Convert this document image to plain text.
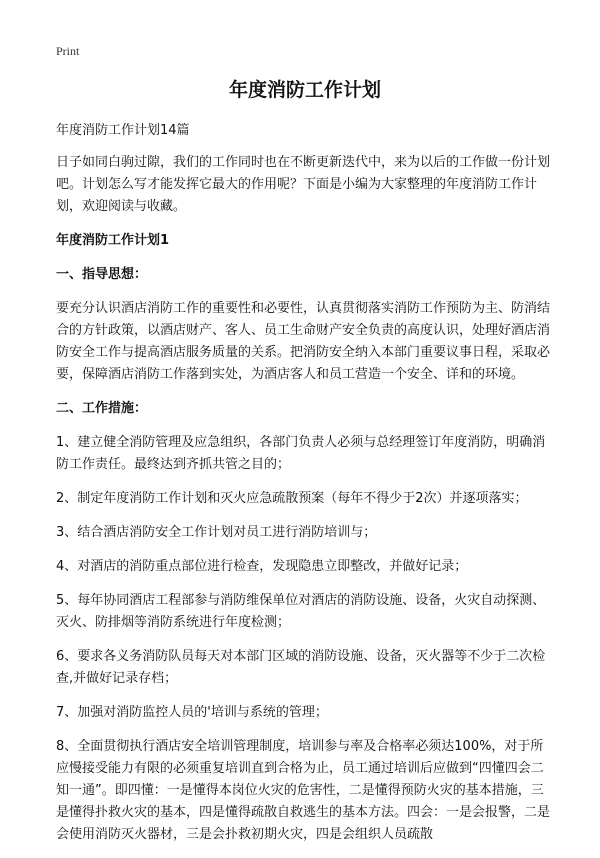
Print
年度消防工作计划

年度消防工作计划14篇

日子如同白驹过隙，我们的工作同时也在不断更新迭代中，来为以后的工作做一份计划吧。计划怎么写才能发挥它最大的作用呢？下面是小编为大家整理的年度消防工作计划，欢迎阅读与收藏。

年度消防工作计划1

一、指导思想：

要充分认识酒店消防工作的重要性和必要性，认真贯彻落实消防工作预防为主、防消结合的方针政策，以酒店财产、客人、员工生命财产安全负责的高度认识，处理好酒店消防安全工作与提高酒店服务质量的关系。把消防安全纳入本部门重要议事日程，采取必要，保障酒店消防工作落到实处，为酒店客人和员工营造一个安全、详和的环境。

二、工作措施：

1、建立健全消防管理及应急组织，各部门负责人必须与总经理签订年度消防，明确消防工作责任。最终达到齐抓共管之目的；

2、制定年度消防工作计划和灭火应急疏散预案（每年不得少于2次）并逐项落实；

3、结合酒店消防安全工作计划对员工进行消防培训与；

4、对酒店的消防重点部位进行检查，发现隐患立即整改，并做好记录；

5、每年协同酒店工程部参与消防维保单位对酒店的消防设施、设备，火灾自动探测、灭火、防排烟等消防系统进行年度检测；

6、要求各义务消防队员每天对本部门区域的消防设施、设备，灭火器等不少于二次检查,并做好记录存档；

7、加强对消防监控人员的'培训与系统的管理；

8、全面贯彻执行酒店安全培训管理制度，培训参与率及合格率必须达100%，对于所应慢接受能力有限的必须重复培训直到合格为止，员工通过培训后应做到“四懂四会二知一通”。即四懂：一是懂得本岗位火灾的危害性，二是懂得预防火灾的基本措施，三是懂得扑救火灾的基本，四是懂得疏散自救逃生的基本方法。四会：一是会报警，二是会使用消防灭火器材，三是会扑救初期火灾，四是会组织人员疏散
